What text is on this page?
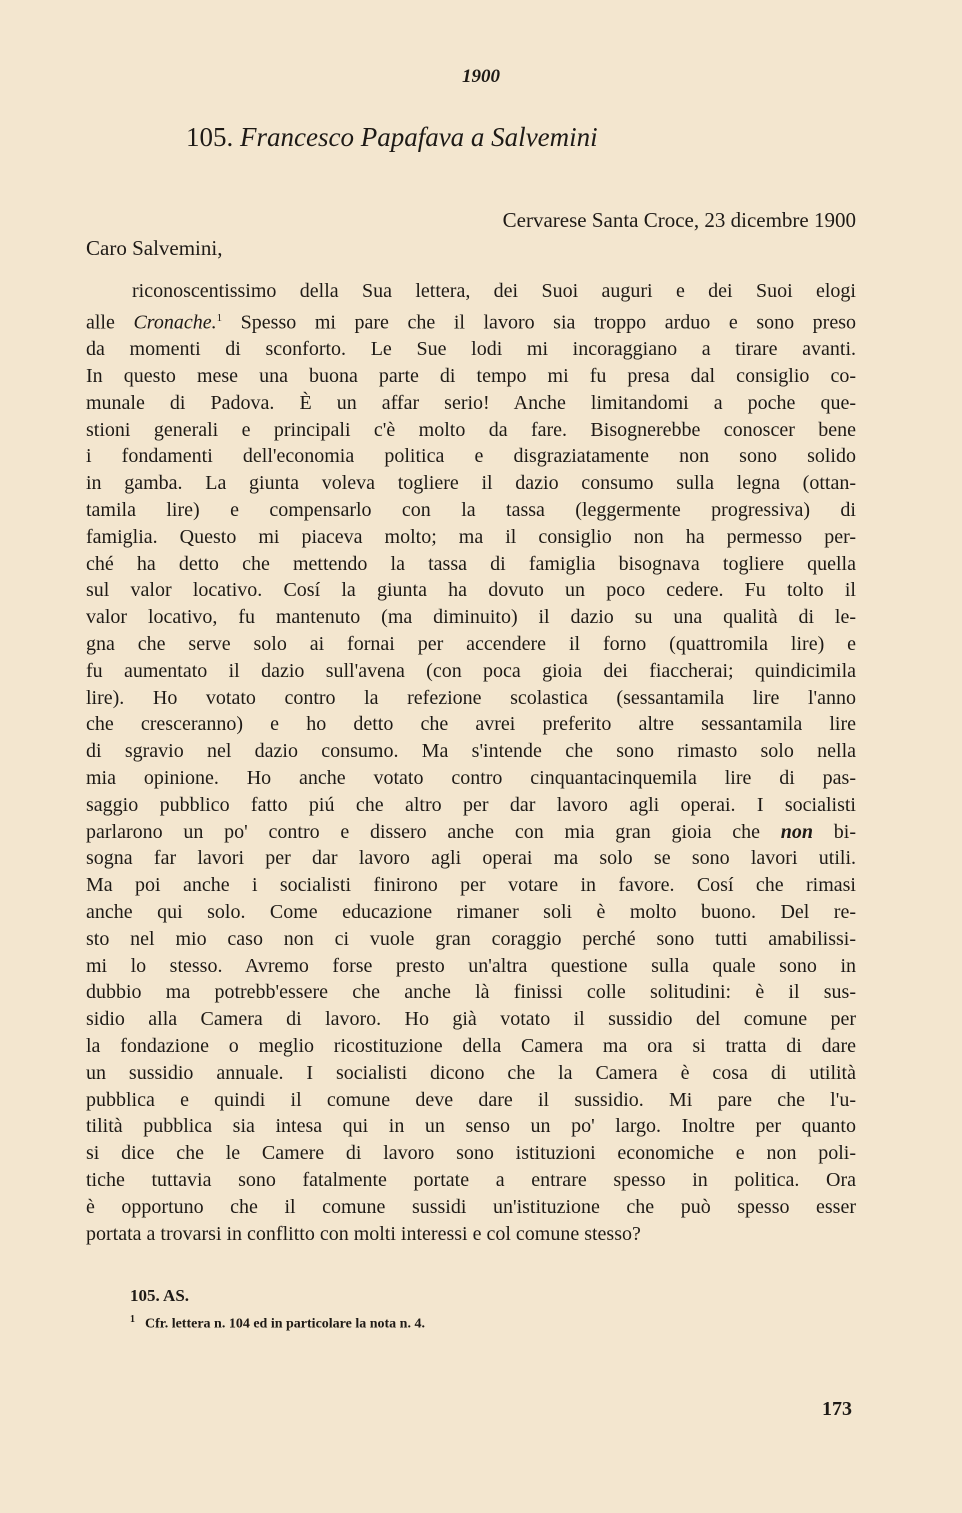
1900
105. Francesco Papafava a Salvemini
Cervarese Santa Croce, 23 dicembre 1900
Caro Salvemini,
riconoscentissimo della Sua lettera, dei Suoi auguri e dei Suoi elogi
alle Cronache.$^1$ Spesso mi pare che il lavoro sia troppo arduo e sono preso
da momenti di sconforto. Le Sue lodi mi incoraggiano a tirare avanti.
In questo mese una buona parte di tempo mi fu presa dal consiglio co-
munale di Padova. È un affar serio! Anche limitandomi a poche que-
stioni generali e principali c'è molto da fare. Bisognerebbe conoscer bene
i fondamenti dell'economia politica e disgraziatamente non sono solido
in gamba. La giunta voleva togliere il dazio consumo sulla legna (ottan-
tamila lire) e compensarlo con la tassa (leggermente progressiva) di
famiglia. Questo mi piaceva molto; ma il consiglio non ha permesso per-
ché ha detto che mettendo la tassa di famiglia bisognava togliere quella
sul valor locativo. Cosí la giunta ha dovuto un poco cedere. Fu tolto il
valor locativo, fu mantenuto (ma diminuito) il dazio su una qualità di le-
gna che serve solo ai fornai per accendere il forno (quattromila lire) e
fu aumentato il dazio sull'avena (con poca gioia dei fiaccherai; quindicimila
lire). Ho votato contro la refezione scolastica (sessantamila lire l'anno
che cresceranno) e ho detto che avrei preferito altre sessantamila lire
di sgravio nel dazio consumo. Ma s'intende che sono rimasto solo nella
mia opinione. Ho anche votato contro cinquantacinquemila lire di pas-
saggio pubblico fatto piú che altro per dar lavoro agli operai. I socialisti
parlarono un po' contro e dissero anche con mia gran gioia che non bi-
sogna far lavori per dar lavoro agli operai ma solo se sono lavori utili.
Ma poi anche i socialisti finirono per votare in favore. Cosí che rimasi
anche qui solo. Come educazione rimaner soli è molto buono. Del re-
sto nel mio caso non ci vuole gran coraggio perché sono tutti amabilissi-
mi lo stesso. Avremo forse presto un'altra questione sulla quale sono in
dubbio ma potrebb'essere che anche là finissi colle solitudini: è il sus-
sidio alla Camera di lavoro. Ho già votato il sussidio del comune per
la fondazione o meglio ricostituzione della Camera ma ora si tratta di dare
un sussidio annuale. I socialisti dicono che la Camera è cosa di utilità
pubblica e quindi il comune deve dare il sussidio. Mi pare che l'u-
tilità pubblica sia intesa qui in un senso un po' largo. Inoltre per quanto
si dice che le Camere di lavoro sono istituzioni economiche e non poli-
tiche tuttavia sono fatalmente portate a entrare spesso in politica. Ora
è opportuno che il comune sussidi un'istituzione che può spesso esser
portata a trovarsi in conflitto con molti interessi e col comune stesso?
105. AS.
$^1$ Cfr. lettera n. 104 ed in particolare la nota n. 4.
173
